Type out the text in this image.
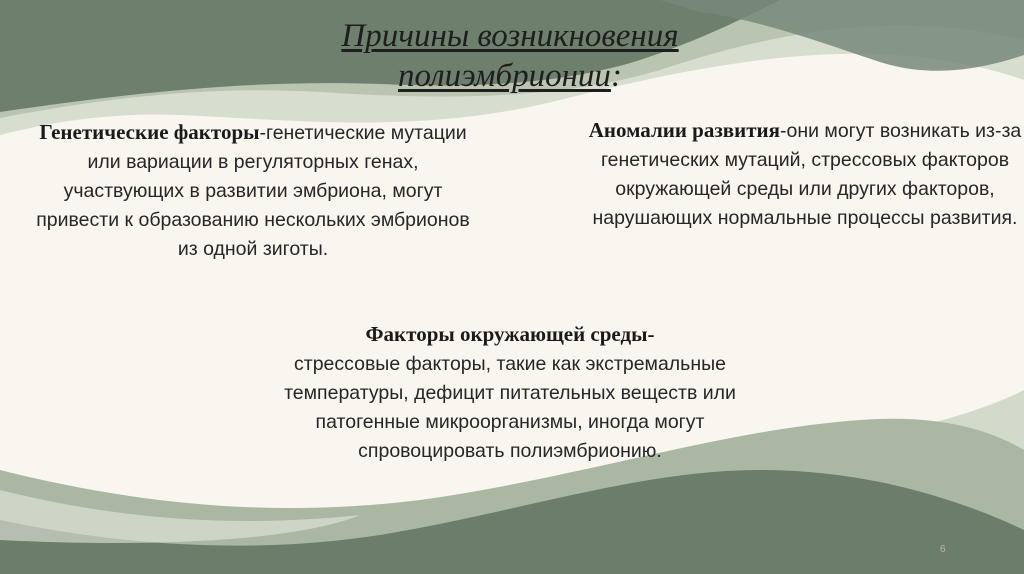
Причины возникновения
полиэмбрионии:
Генетические факторы-генетические мутации или вариации в регуляторных генах, участвующих в развитии эмбриона, могут привести к образованию нескольких эмбрионов из одной зиготы.
Аномалии развития-они могут возникать из-за генетических мутаций, стрессовых факторов окружающей среды или других факторов, нарушающих нормальные процессы развития.
Факторы окружающей среды-
стрессовые факторы, такие как экстремальные температуры, дефицит питательных веществ или патогенные микроорганизмы, иногда могут спровоцировать полиэмбрионию.
6
